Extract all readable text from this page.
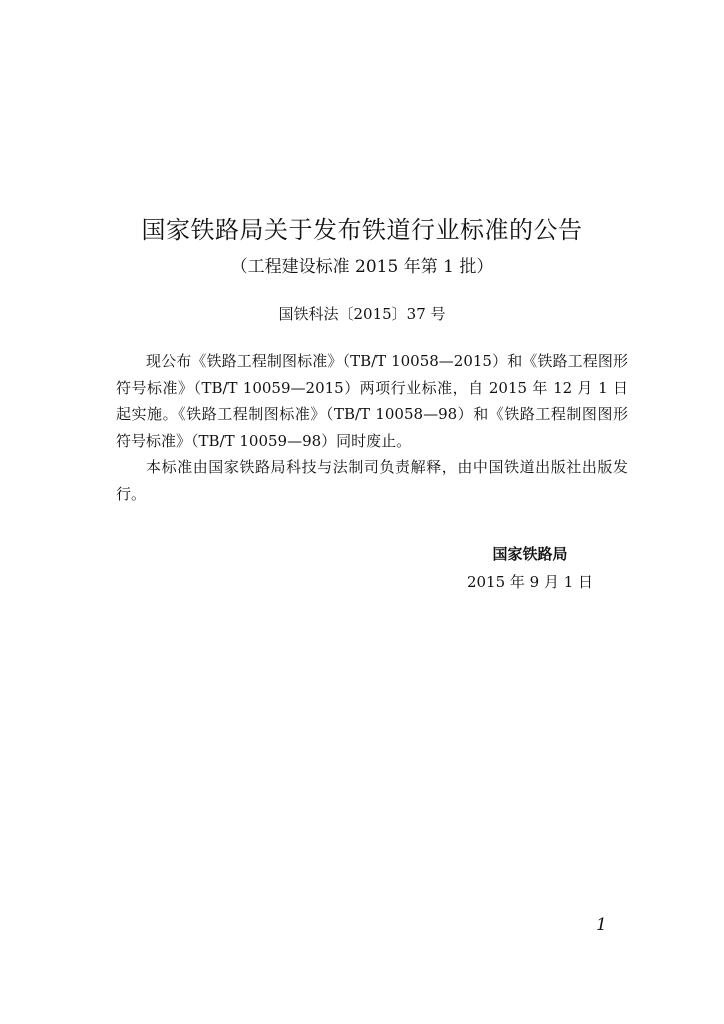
国家铁路局关于发布铁道行业标准的公告
（工程建设标准 2015 年第 1 批）
国铁科法〔2015〕37 号

现公布《铁路工程制图标准》（TB/T 10058—2015）和《铁路工程图形符号标准》（TB/T 10059—2015）两项行业标准，自 2015 年 12 月 1 日起实施。《铁路工程制图标准》（TB/T 10058—98）和《铁路工程制图图形符号标准》（TB/T 10059—98）同时废止。

本标准由国家铁路局科技与法制司负责解释，由中国铁道出版社出版发行。

国家铁路局
2015 年 9 月 1 日
1
